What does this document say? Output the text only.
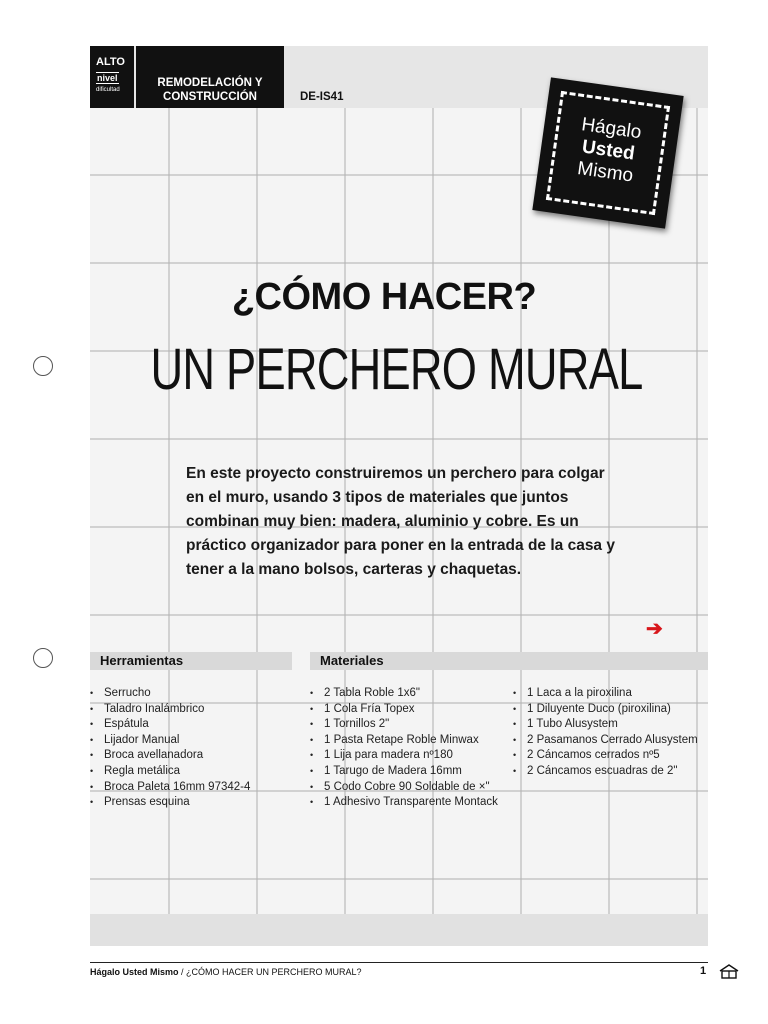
ALTO
nivel
dificultad
REMODELACIÓN Y
CONSTRUCCIÓN	DE-IS41
Hágalo
Usted
Mismo
¿CÓMO HACER?
UN PERCHERO MURAL
En este proyecto construiremos un perchero para colgar en el muro, usando 3 tipos de materiales que juntos combinan muy bien: madera, aluminio y cobre. Es un práctico organizador para poner en la entrada de la casa y tener a la mano bolsos, carteras y chaquetas.
➔
Herramientas	Materiales
• Serrucho
• Taladro Inalámbrico
• Espátula
• Lijador Manual
• Broca avellanadora
• Regla metálica
• Broca Paleta 16mm 97342-4
• Prensas esquina
• 2 Tabla Roble 1x6"
• 1 Cola Fría Topex
• 1 Tornillos 2"
• 1 Pasta Retape Roble Minwax
• 1 Lija para madera nº180
• 1 Tarugo de Madera 16mm
• 5 Codo Cobre 90 Soldable de ×"
• 1 Adhesivo Transparente Montack
• 1 Laca a la piroxilina
• 1 Diluyente Duco (piroxilina)
• 1 Tubo Alusystem
• 2 Pasamanos Cerrado Alusystem
• 2 Cáncamos cerrados nº5
• 2 Cáncamos escuadras de 2"
Hágalo Usted Mismo / ¿CÓMO HACER UN PERCHERO MURAL?	1
